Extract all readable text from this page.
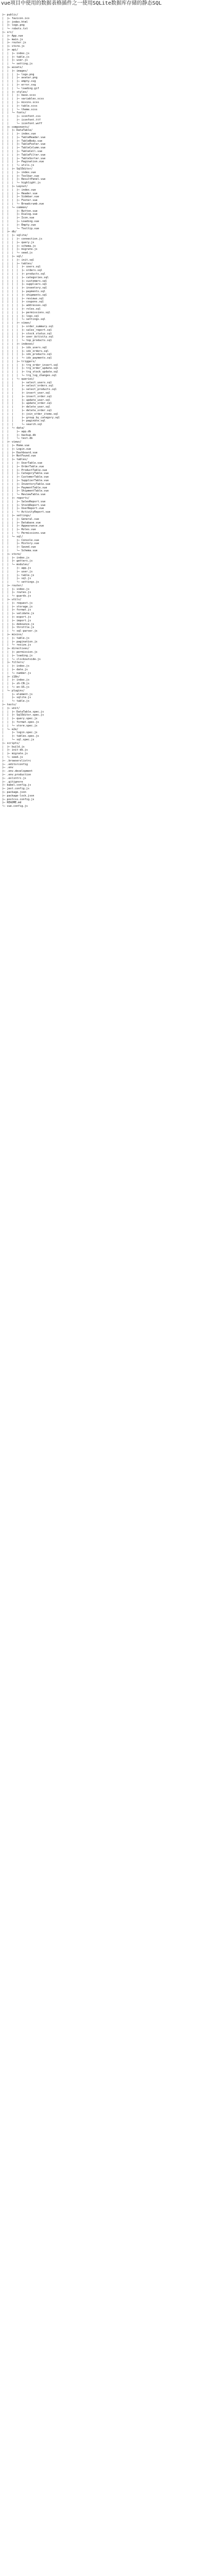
vue项目中使用的数据表格插件之一使用SQLite数据库存储的静态SQL
├─ public/
│  ├─ favicon.ico
│  ├─ index.html
│  ├─ logo.png
│  └─ robots.txt
├─ src/
│  ├─ App.vue
│  ├─ main.js
│  ├─ router.js
│  ├─ store.js
│  ├─ api/
│  │  ├─ index.js
│  │  ├─ table.js
│  │  ├─ user.js
│  │  └─ setting.js
│  ├─ assets/
│  │  ├─ images/
│  │  │  ├─ logo.png
│  │  │  ├─ avatar.png
│  │  │  ├─ empty.svg
│  │  │  ├─ error.svg
│  │  │  └─ loading.gif
│  │  ├─ styles/
│  │  │  ├─ base.scss
│  │  │  ├─ variables.scss
│  │  │  ├─ mixins.scss
│  │  │  ├─ table.scss
│  │  │  └─ theme.scss
│  │  └─ fonts/
│  │     ├─ iconfont.css
│  │     ├─ iconfont.ttf
│  │     └─ iconfont.woff
│  ├─ components/
│  │  ├─ DataTable/
│  │  │  ├─ index.vue
│  │  │  ├─ TableHeader.vue
│  │  │  ├─ TableBody.vue
│  │  │  ├─ TableFooter.vue
│  │  │  ├─ TableColumn.vue
│  │  │  ├─ TableCell.vue
│  │  │  ├─ TableFilter.vue
│  │  │  ├─ TableSorter.vue
│  │  │  ├─ Pagination.vue
│  │  │  └─ utils.js
│  │  ├─ SqlEditor/
│  │  │  ├─ index.vue
│  │  │  ├─ Toolbar.vue
│  │  │  ├─ ResultPanel.vue
│  │  │  └─ highlight.js
│  │  ├─ Layout/
│  │  │  ├─ index.vue
│  │  │  ├─ Header.vue
│  │  │  ├─ Sidebar.vue
│  │  │  ├─ Footer.vue
│  │  │  └─ Breadcrumb.vue
│  │  └─ common/
│  │     ├─ Button.vue
│  │     ├─ Dialog.vue
│  │     ├─ Icon.vue
│  │     ├─ Loading.vue
│  │     ├─ Empty.vue
│  │     └─ Tooltip.vue
│  ├─ db/
│  │  ├─ sqlite/
│  │  │  ├─ connection.js
│  │  │  ├─ query.js
│  │  │  ├─ schema.js
│  │  │  ├─ migrate.js
│  │  │  └─ seed.js
│  │  ├─ sql/
│  │  │  ├─ init.sql
│  │  │  ├─ tables/
│  │  │  │  ├─ users.sql
│  │  │  │  ├─ orders.sql
│  │  │  │  ├─ products.sql
│  │  │  │  ├─ categories.sql
│  │  │  │  ├─ customers.sql
│  │  │  │  ├─ suppliers.sql
│  │  │  │  ├─ inventory.sql
│  │  │  │  ├─ payments.sql
│  │  │  │  ├─ shipments.sql
│  │  │  │  ├─ reviews.sql
│  │  │  │  ├─ coupons.sql
│  │  │  │  ├─ addresses.sql
│  │  │  │  ├─ roles.sql
│  │  │  │  ├─ permissions.sql
│  │  │  │  ├─ logs.sql
│  │  │  │  └─ settings.sql
│  │  │  ├─ views/
│  │  │  │  ├─ order_summary.sql
│  │  │  │  ├─ sales_report.sql
│  │  │  │  ├─ stock_status.sql
│  │  │  │  ├─ user_activity.sql
│  │  │  │  └─ top_products.sql
│  │  │  ├─ indexes/
│  │  │  │  ├─ idx_users.sql
│  │  │  │  ├─ idx_orders.sql
│  │  │  │  ├─ idx_products.sql
│  │  │  │  └─ idx_payments.sql
│  │  │  ├─ triggers/
│  │  │  │  ├─ trg_order_insert.sql
│  │  │  │  ├─ trg_order_update.sql
│  │  │  │  ├─ trg_stock_update.sql
│  │  │  │  └─ trg_log_changes.sql
│  │  │  └─ queries/
│  │  │     ├─ select_users.sql
│  │  │     ├─ select_orders.sql
│  │  │     ├─ select_products.sql
│  │  │     ├─ insert_user.sql
│  │  │     ├─ insert_order.sql
│  │  │     ├─ update_user.sql
│  │  │     ├─ update_order.sql
│  │  │     ├─ delete_user.sql
│  │  │     ├─ delete_order.sql
│  │  │     ├─ join_order_items.sql
│  │  │     ├─ group_by_category.sql
│  │  │     ├─ paginate.sql
│  │  │     └─ search.sql
│  │  └─ data/
│  │     ├─ app.db
│  │     ├─ backup.db
│  │     └─ test.db
│  ├─ views/
│  │  ├─ Home.vue
│  │  ├─ Login.vue
│  │  ├─ Dashboard.vue
│  │  ├─ NotFound.vue
│  │  ├─ tables/
│  │  │  ├─ UserTable.vue
│  │  │  ├─ OrderTable.vue
│  │  │  ├─ ProductTable.vue
│  │  │  ├─ CategoryTable.vue
│  │  │  ├─ CustomerTable.vue
│  │  │  ├─ SupplierTable.vue
│  │  │  ├─ InventoryTable.vue
│  │  │  ├─ PaymentTable.vue
│  │  │  ├─ ShipmentTable.vue
│  │  │  └─ ReviewTable.vue
│  │  ├─ reports/
│  │  │  ├─ SalesReport.vue
│  │  │  ├─ StockReport.vue
│  │  │  ├─ UserReport.vue
│  │  │  └─ ActivityReport.vue
│  │  ├─ settings/
│  │  │  ├─ General.vue
│  │  │  ├─ Database.vue
│  │  │  ├─ Appearance.vue
│  │  │  ├─ Roles.vue
│  │  │  └─ Permissions.vue
│  │  └─ sql/
│  │     ├─ Console.vue
│  │     ├─ History.vue
│  │     ├─ Saved.vue
│  │     └─ Schema.vue
│  ├─ store/
│  │  ├─ index.js
│  │  ├─ getters.js
│  │  └─ modules/
│  │     ├─ app.js
│  │     ├─ user.js
│  │     ├─ table.js
│  │     ├─ sql.js
│  │     └─ settings.js
│  ├─ router/
│  │  ├─ index.js
│  │  ├─ routes.js
│  │  └─ guards.js
│  ├─ utils/
│  │  ├─ request.js
│  │  ├─ storage.js
│  │  ├─ format.js
│  │  ├─ validate.js
│  │  ├─ export.js
│  │  ├─ import.js
│  │  ├─ debounce.js
│  │  ├─ throttle.js
│  │  └─ sql-parser.js
│  ├─ mixins/
│  │  ├─ table.js
│  │  ├─ pagination.js
│  │  └─ resize.js
│  ├─ directives/
│  │  ├─ permission.js
│  │  ├─ loading.js
│  │  └─ clickoutside.js
│  ├─ filters/
│  │  ├─ index.js
│  │  ├─ date.js
│  │  └─ number.js
│  ├─ i18n/
│  │  ├─ index.js
│  │  ├─ zh-CN.js
│  │  └─ en-US.js
│  └─ plugins/
│     ├─ element.js
│     ├─ sqlite.js
│     └─ table.js
├─ tests/
│  ├─ unit/
│  │  ├─ DataTable.spec.js
│  │  ├─ SqlEditor.spec.js
│  │  ├─ query.spec.js
│  │  ├─ format.spec.js
│  │  └─ store.spec.js
│  └─ e2e/
│     ├─ login.spec.js
│     ├─ tables.spec.js
│     └─ sql.spec.js
├─ scripts/
│  ├─ build.js
│  ├─ init-db.js
│  ├─ migrate.js
│  └─ seed.js
├─ .browserslistrc
├─ .editorconfig
├─ .env
├─ .env.development
├─ .env.production
├─ .eslintrc.js
├─ .gitignore
├─ babel.config.js
├─ jest.config.js
├─ package.json
├─ package-lock.json
├─ postcss.config.js
├─ README.md
└─ vue.config.js
